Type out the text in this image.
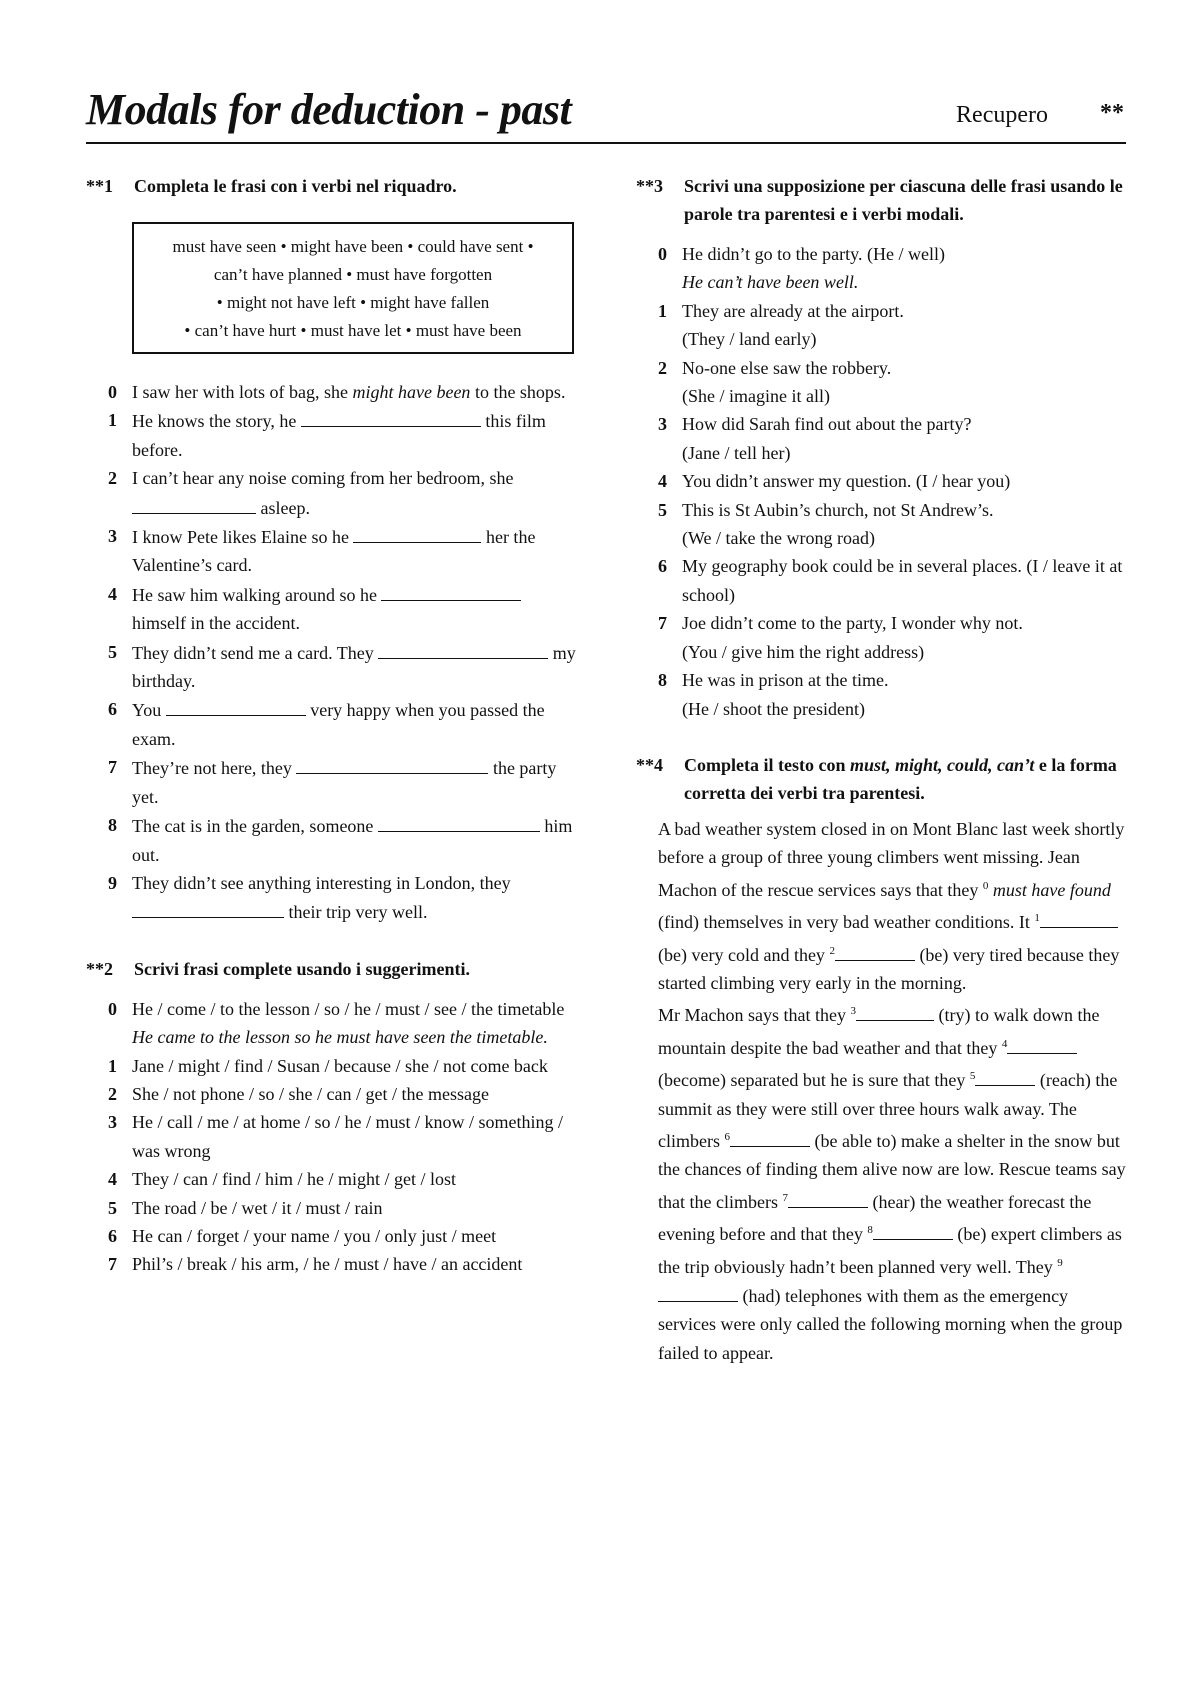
Modals for deduction - past	Recupero **
**1 Completa le frasi con i verbi nel riquadro.
must have seen • might have been • could have sent •
can’t have planned • must have forgotten
• might not have left • might have fallen
• can’t have hurt • must have let • must have been
0 I saw her with lots of bag, she might have been to the shops.
1 He knows the story, he	this film before.
2 I can’t hear any noise coming from her bedroom, she  asleep.
3 I know Pete likes Elaine so he	her the Valentine’s card.
4 He saw him walking around so he  himself in the accident.
5 They didn’t send me a card. They	my birthday.
6 You	very happy when you passed the exam.
7 They’re not here, they	the party yet.
8 The cat is in the garden, someone	him out.
9 They didn’t see anything interesting in London, they  their trip very well.
**2 Scrivi frasi complete usando i suggerimenti.
0 He / come / to the lesson / so / he / must / see / the timetable
He came to the lesson so he must have seen the timetable.
1 Jane / might / find / Susan / because / she / not come back
2 She / not phone / so / she / can / get / the message
3 He / call / me / at home / so / he / must / know / something / was wrong
4 They / can / find / him / he / might / get / lost
5 The road / be / wet / it / must / rain
6 He can / forget / your name / you / only just / meet
7 Phil’s / break / his arm, / he / must / have / an accident
**3 Scrivi una supposizione per ciascuna delle frasi usando le parole tra parentesi e i verbi modali.
0 He didn’t go to the party. (He / well)
He can’t have been well.
1 They are already at the airport.
(They / land early)
2 No-one else saw the robbery.
(She / imagine it all)
3 How did Sarah find out about the party?
(Jane / tell her)
4 You didn’t answer my question. (I / hear you)
5 This is St Aubin’s church, not St Andrew’s.
(We / take the wrong road)
6 My geography book could be in several places. (I / leave it at school)
7 Joe didn’t come to the party, I wonder why not.
(You / give him the right address)
8 He was in prison at the time.
(He / shoot the president)
**4 Completa il testo con must, might, could, can’t e la forma corretta dei verbi tra parentesi.
A bad weather system closed in on Mont Blanc last week shortly before a group of three young climbers went missing. Jean Machon of the rescue services says that they $^0$ must have found (find) themselves in very bad weather conditions. It $^1$ (be) very cold and they $^2$	(be) very tired because they started climbing very early in the morning.
Mr Machon says that they $^3$	(try) to walk down the mountain despite the bad weather and that they $^4$ (become) separated but he is sure that they $^5$	(reach) the summit as they were still over three hours walk away. The climbers $^6$	(be able to) make a shelter in the snow but the chances of finding them alive now are low. Rescue teams say that the climbers $^7$	(hear) the weather forecast the evening before and that they $^8$	(be) expert climbers as the trip obviously hadn’t been planned very well. They $^9$ (had) telephones with them as the emergency services were only called the following morning when the group failed to appear.
